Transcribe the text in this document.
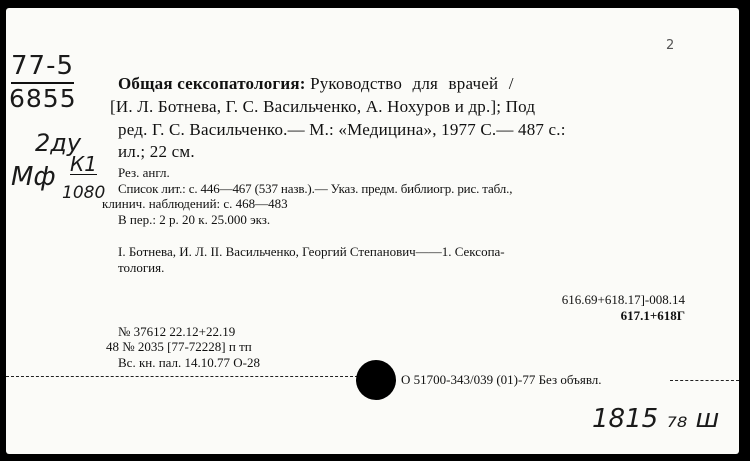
77-5
6855
2ду
Мф К1
1080
2
Общая сексопатология: Руководство для врачей /
[И. Л. Ботнева, Г. С. Васильченко, А. Нохуров и др.]; Под
ред. Г. С. Васильченко.— М.: «Медицина», 1977 С.— 487 с.:
ил.; 22 см.
Рез. англ.
Список лит.: с. 446—467 (537 назв.).— Указ. предм. библиогр. рис. табл.,
клинич. наблюдений: с. 468—483
В пер.: 2 р. 20 к. 25.000 экз.
I. Ботнева, И. Л. II. Васильченко, Георгий Степанович——1. Сексопа-
тология.
616.69+618.17]-008.14
617.1+618Г
№ 37612 22.12+22.19
48 № 2035 [77-72228] п тп
Вс. кн. пал. 14.10.77 О-28
О 51700-343/039 (01)-77 Без объявл.
1815 ₇₈ ш
